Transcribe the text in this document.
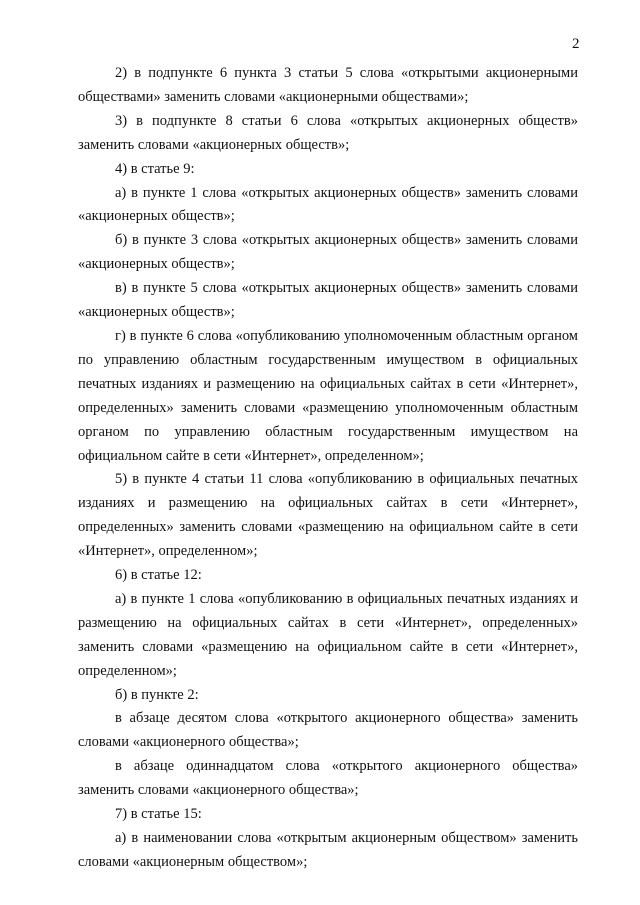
2

2) в подпункте 6 пункта 3 статьи 5 слова «открытыми акционерными обществами» заменить словами «акционерными обществами»;

3) в подпункте 8 статьи 6 слова «открытых акционерных обществ» заменить словами «акционерных обществ»;

4) в статье 9:

а) в пункте 1 слова «открытых акционерных обществ» заменить словами «акционерных обществ»;

б) в пункте 3 слова «открытых акционерных обществ» заменить словами «акционерных обществ»;

в) в пункте 5 слова «открытых акционерных обществ» заменить словами «акционерных обществ»;

г) в пункте 6 слова «опубликованию уполномоченным областным органом по управлению областным государственным имуществом в официальных печатных изданиях и размещению на официальных сайтах в сети «Интернет», определенных» заменить словами «размещению уполномоченным областным органом по управлению областным государственным имуществом на официальном сайте в сети «Интернет», определенном»;

5) в пункте 4 статьи 11 слова «опубликованию в официальных печатных изданиях и размещению на официальных сайтах в сети «Интернет», определенных» заменить словами «размещению на официальном сайте в сети «Интернет», определенном»;

6) в статье 12:

а) в пункте 1 слова «опубликованию в официальных печатных изданиях и размещению на официальных сайтах в сети «Интернет», определенных» заменить словами «размещению на официальном сайте в сети «Интернет», определенном»;

б) в пункте 2:

в абзаце десятом слова «открытого акционерного общества» заменить словами «акционерного общества»;

в абзаце одиннадцатом слова «открытого акционерного общества» заменить словами «акционерного общества»;

7) в статье 15:

а) в наименовании слова «открытым акционерным обществом» заменить словами «акционерным обществом»;
